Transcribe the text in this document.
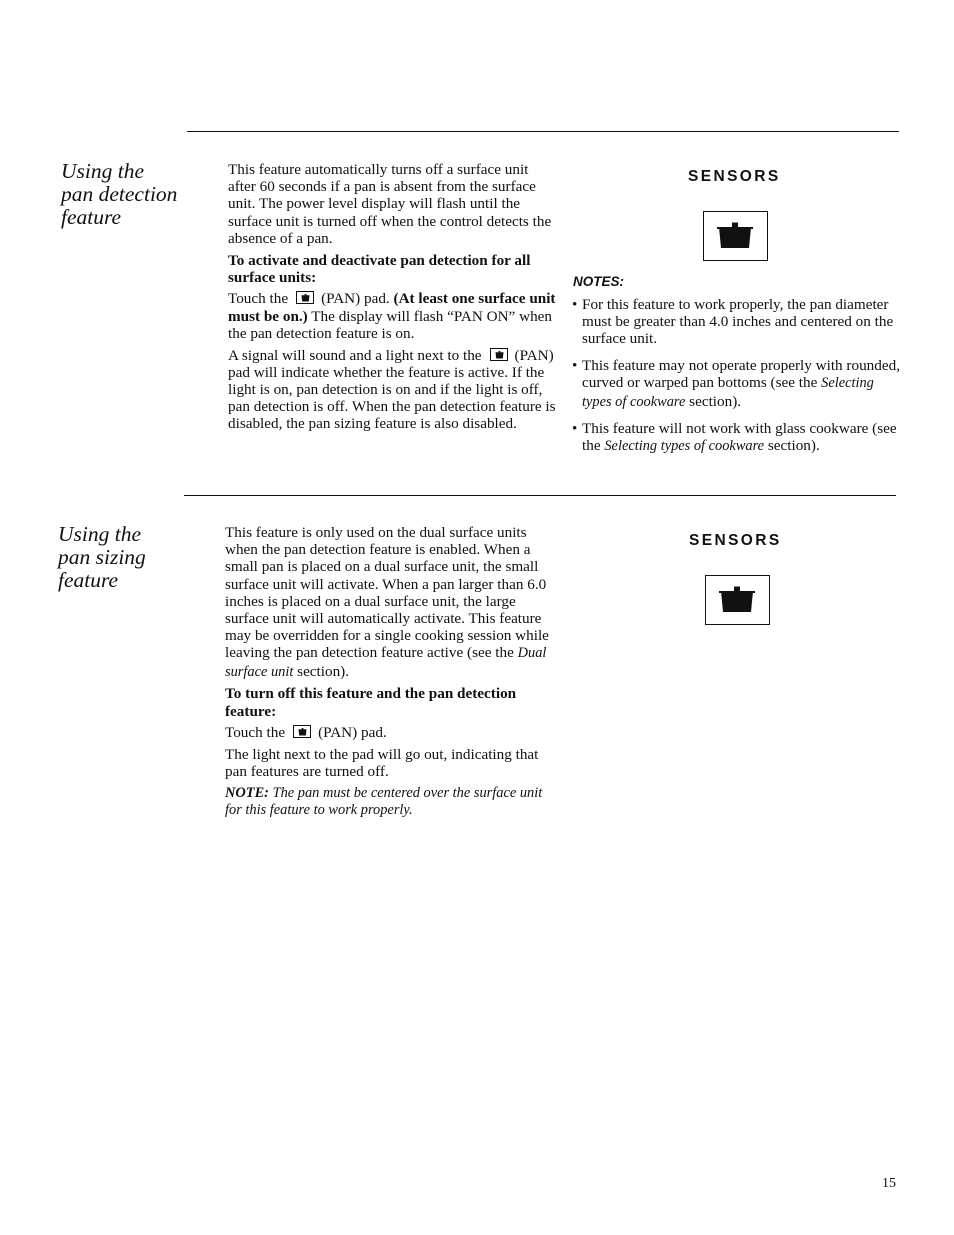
Using the
pan detection
feature

This feature automatically turns off a surface unit after 60 seconds if a pan is absent from the surface unit. The power level display will flash until the surface unit is turned off when the control detects the absence of a pan.

To activate and deactivate pan detection for all surface units:

Touch the (PAN) pad. (At least one surface unit must be on.) The display will flash “PAN ON” when the pan detection feature is on.

A signal will sound and a light next to the (PAN) pad will indicate whether the feature is active. If the light is on, pan detection is on and if the light is off, pan detection is off. When the pan detection feature is disabled, the pan sizing feature is also disabled.

SENSORS
NOTES:
• For this feature to work properly, the pan diameter must be greater than 4.0 inches and centered on the surface unit.
• This feature may not operate properly with rounded, curved or warped pan bottoms (see the Selecting types of cookware section).
• This feature will not work with glass cookware (see the Selecting types of cookware section).
Using the
pan sizing
feature

This feature is only used on the dual surface units when the pan detection feature is enabled. When a small pan is placed on a dual surface unit, the small surface unit will activate. When a pan larger than 6.0 inches is placed on a dual surface unit, the large surface unit will automatically activate. This feature may be overridden for a single cooking session while leaving the pan detection feature active (see the Dual surface unit section).

To turn off this feature and the pan detection feature:

Touch the (PAN) pad.

The light next to the pad will go out, indicating that pan features are turned off.

NOTE: The pan must be centered over the surface unit for this feature to work properly.

SENSORS
15
